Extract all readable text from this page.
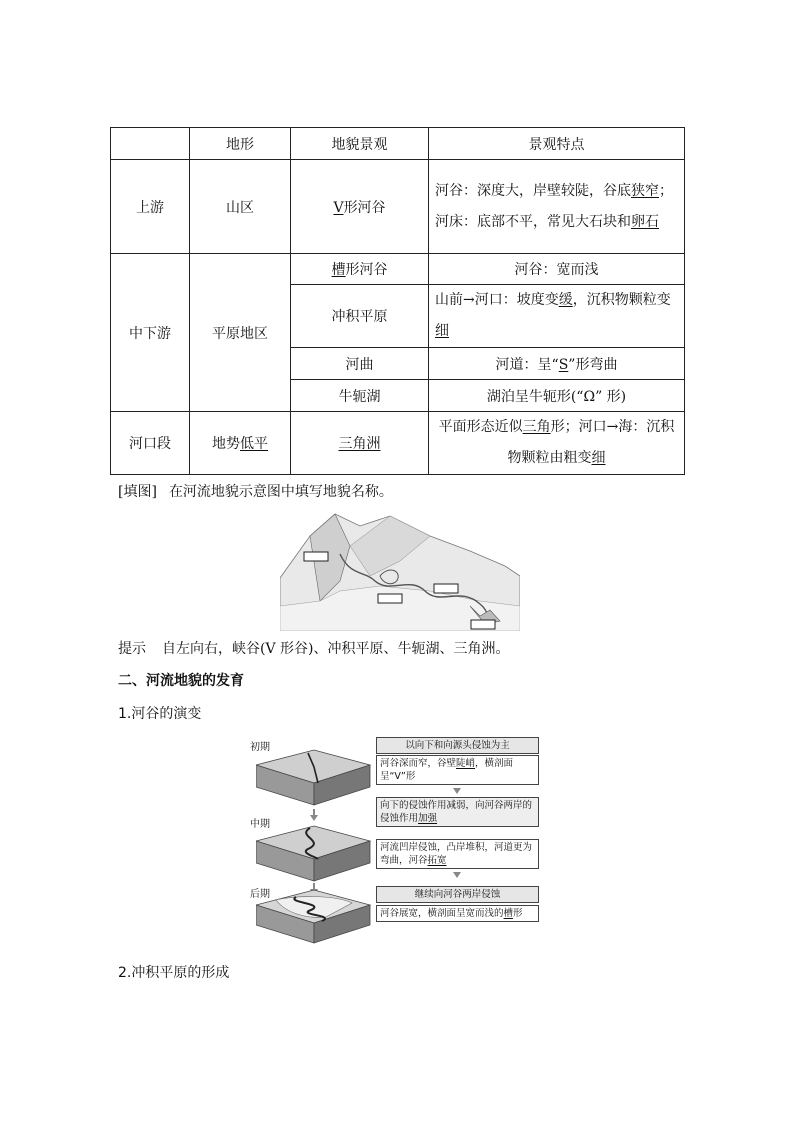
	地形	地貌景观	景观特点
上游	山区	V形河谷	河谷：深度大，岸壁较陡，谷底狭窄；河床：底部不平，常见大石块和卵石
中下游	平原地区	槽形河谷	河谷：宽而浅
		冲积平原	山前→河口：坡度变缓，沉积物颗粒变细
		河曲	河道：呈“S”形弯曲
		牛轭湖	湖泊呈牛轭形(“Ω” 形)
河口段	地势低平	三角洲	平面形态近似三角形；河口→海：沉积物颗粒由粗变细
[填图] 在河流地貌示意图中填写地貌名称。
提示 自左向右，峡谷(V 形谷)、冲积平原、牛轭湖、三角洲。
二、河流地貌的发育
1.河谷的演变
初期
中期
后期
以向下和向源头侵蚀为主
河谷深而窄，谷壁陡峭，横剖面呈“V”形
向下的侵蚀作用减弱，向河谷两岸的侵蚀作用加强
河流凹岸侵蚀，凸岸堆积，河道更为弯曲，河谷拓宽
继续向河谷两岸侵蚀
河谷展宽，横剖面呈宽而浅的槽形
2.冲积平原的形成
